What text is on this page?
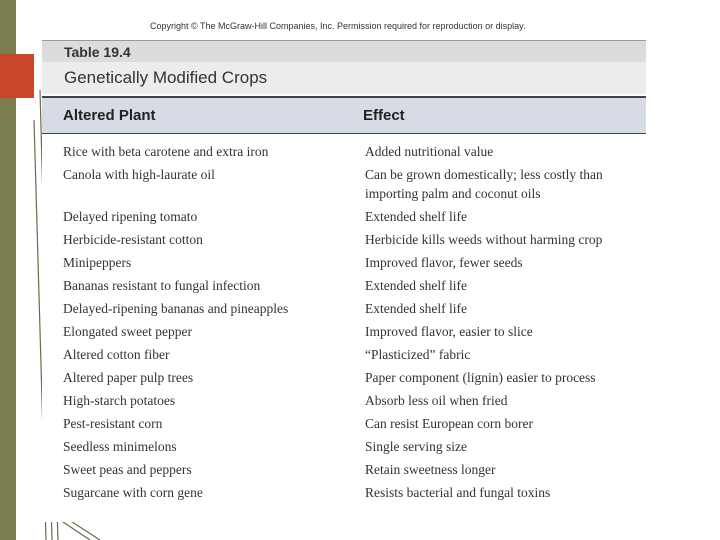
Copyright © The McGraw-Hill Companies, Inc. Permission required for reproduction or display.
Table 19.4
Genetically Modified Crops
Altered Plant	Effect
Rice with beta carotene and extra iron	Added nutritional value
Canola with high-laurate oil	Can be grown domestically; less costly than importing palm and coconut oils
Delayed ripening tomato	Extended shelf life
Herbicide-resistant cotton	Herbicide kills weeds without harming crop
Minipeppers	Improved flavor, fewer seeds
Bananas resistant to fungal infection	Extended shelf life
Delayed-ripening bananas and pineapples	Extended shelf life
Elongated sweet pepper	Improved flavor, easier to slice
Altered cotton fiber	“Plasticized” fabric
Altered paper pulp trees	Paper component (lignin) easier to process
High-starch potatoes	Absorb less oil when fried
Pest-resistant corn	Can resist European corn borer
Seedless minimelons	Single serving size
Sweet peas and peppers	Retain sweetness longer
Sugarcane with corn gene	Resists bacterial and fungal toxins
